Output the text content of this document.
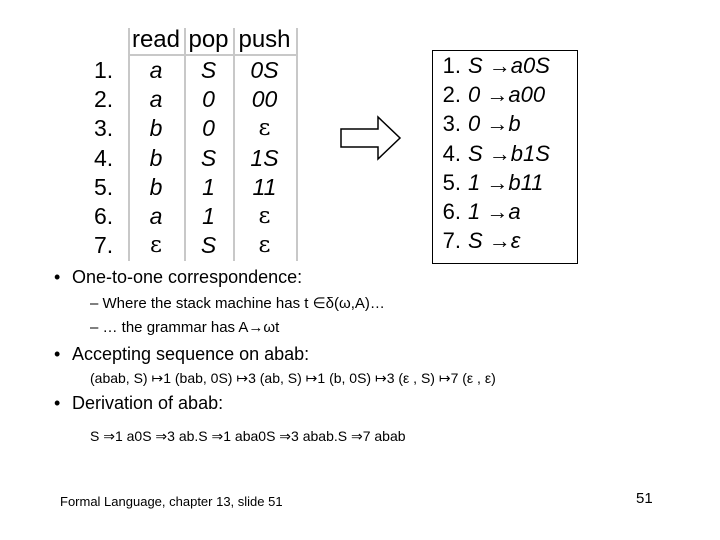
read pop push
1.	a	S	0S
2.	a	0	00
3.	b	0	ε
4.	b	S	1S
5.	b	1	11
6.	a	1	ε
7.	ε	S	ε
1. S →a0S
2. 0 →a00
3. 0 →b
4. S →b1S
5. 1 →b11
6. 1 →a
7. S →ε
• One-to-one correspondence:
– Where the stack machine has t ∈δ(ω,A)…
– … the grammar has A→ωt
• Accepting sequence on abab:
(abab, S) ↦1 (bab, 0S) ↦3 (ab, S) ↦1 (b, 0S) ↦3 (ε , S) ↦7 (ε , ε)
• Derivation of abab:
S ⇒1 a0S ⇒3 ab.S ⇒1 aba0S ⇒3 abab.S ⇒7 abab
Formal Language, chapter 13, slide 51	51
